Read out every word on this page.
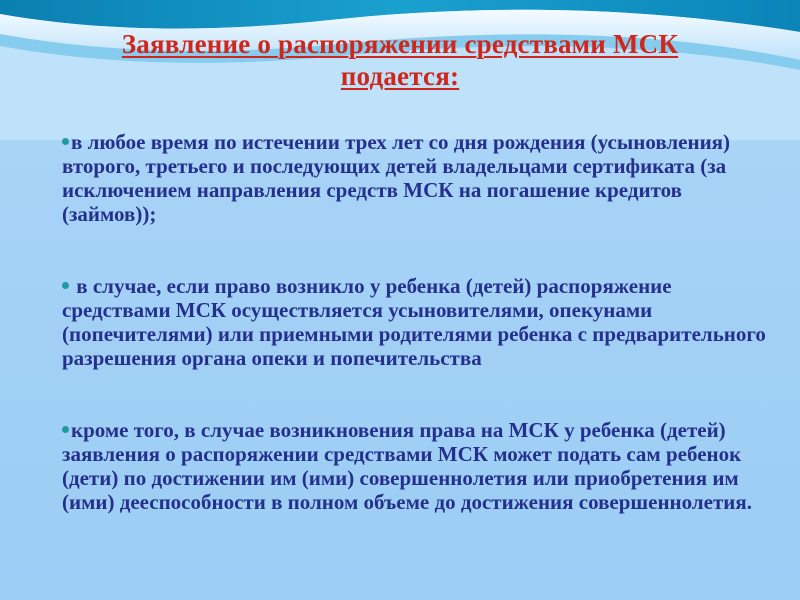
Заявление о распоряжении средствами МСК
подается:
в любое время по истечении трех лет со дня рождения (усыновления) второго, третьего и последующих детей владельцами сертификата (за исключением направления средств МСК на погашение кредитов (займов));
в случае, если право возникло у ребенка (детей) распоряжение средствами МСК осуществляется усыновителями, опекунами (попечителями) или приемными родителями ребенка с предварительного разрешения органа опеки и попечительства
кроме того, в случае возникновения права на МСК у ребенка (детей) заявления о распоряжении средствами МСК может подать сам ребенок (дети) по достижении им (ими) совершеннолетия или приобретения им (ими) дееспособности в полном объеме до достижения совершеннолетия.
